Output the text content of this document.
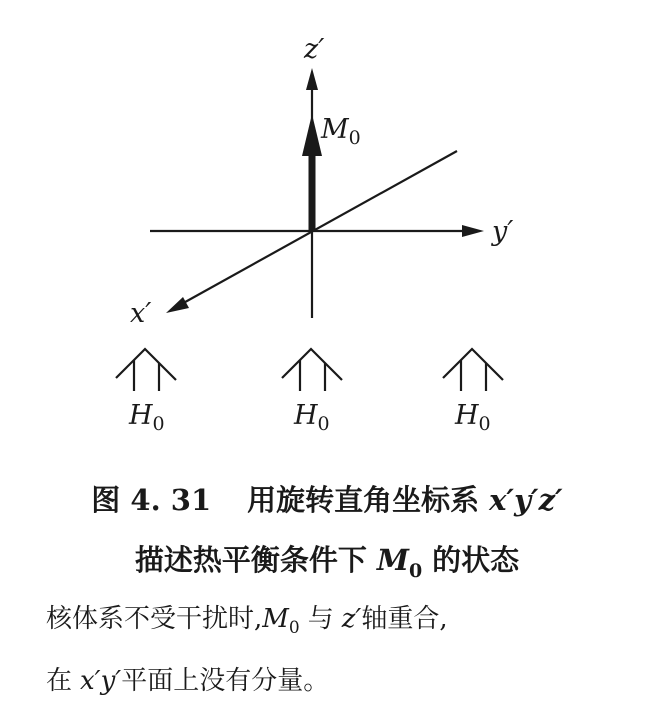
z′
y′
x′
$M_0$
$H_0$	$H_0$	$H_0$
图 4. 31 用旋转直角坐标系 x′y′z′
描述热平衡条件下 $M_0$ 的状态
核体系不受干扰时$,M_0$ 与 z′轴重合,
在 x′y′平面上没有分量。
